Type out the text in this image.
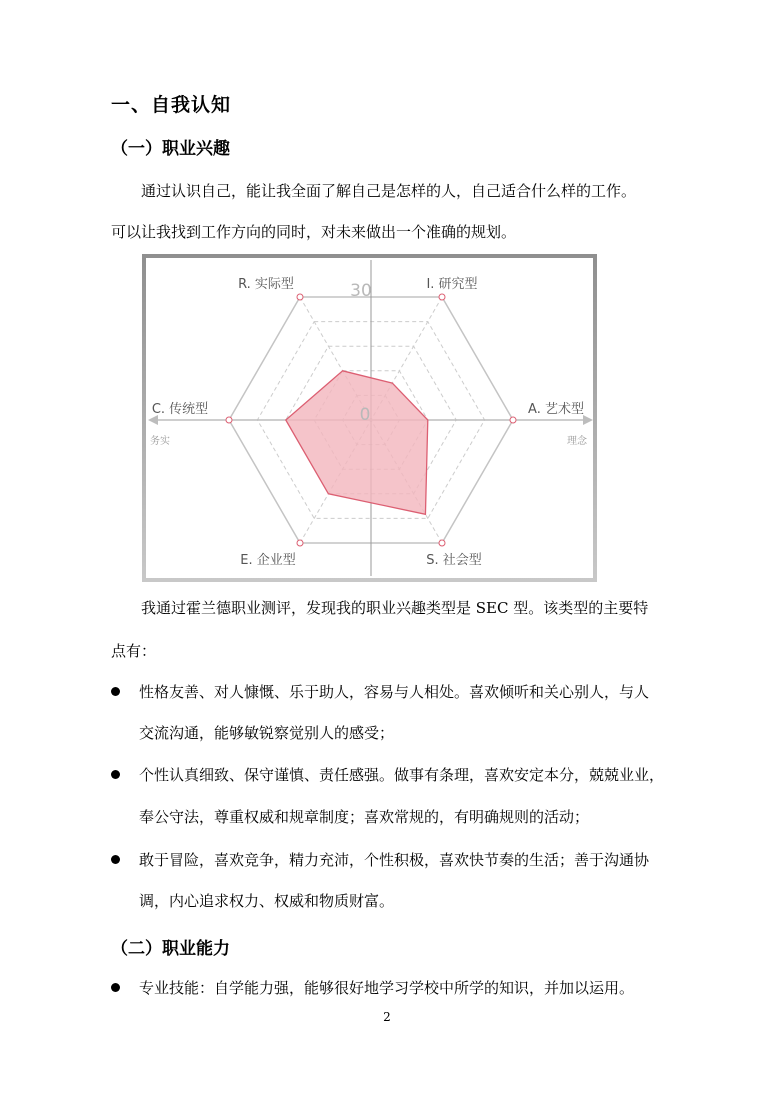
一、自我认知
（一）职业兴趣
通过认识自己，能让我全面了解自己是怎样的人，自己适合什么样的工作。
可以让我找到工作方向的同时，对未来做出一个准确的规划。
30
0
R. 实际型	I. 研究型
A. 艺术型
S. 社会型
E. 企业型
C. 传统型
务实	理念
我通过霍兰德职业测评，发现我的职业兴趣类型是 SEC 型。该类型的主要特
点有：
性格友善、对人慷慨、乐于助人，容易与人相处。喜欢倾听和关心别人，与人
交流沟通，能够敏锐察觉别人的感受；
个性认真细致、保守谨慎、责任感强。做事有条理，喜欢安定本分，兢兢业业，
奉公守法，尊重权威和规章制度；喜欢常规的，有明确规则的活动；
敢于冒险，喜欢竞争，精力充沛，个性积极，喜欢快节奏的生活；善于沟通协
调，内心追求权力、权威和物质财富。
（二）职业能力
专业技能：自学能力强，能够很好地学习学校中所学的知识，并加以运用。
2
